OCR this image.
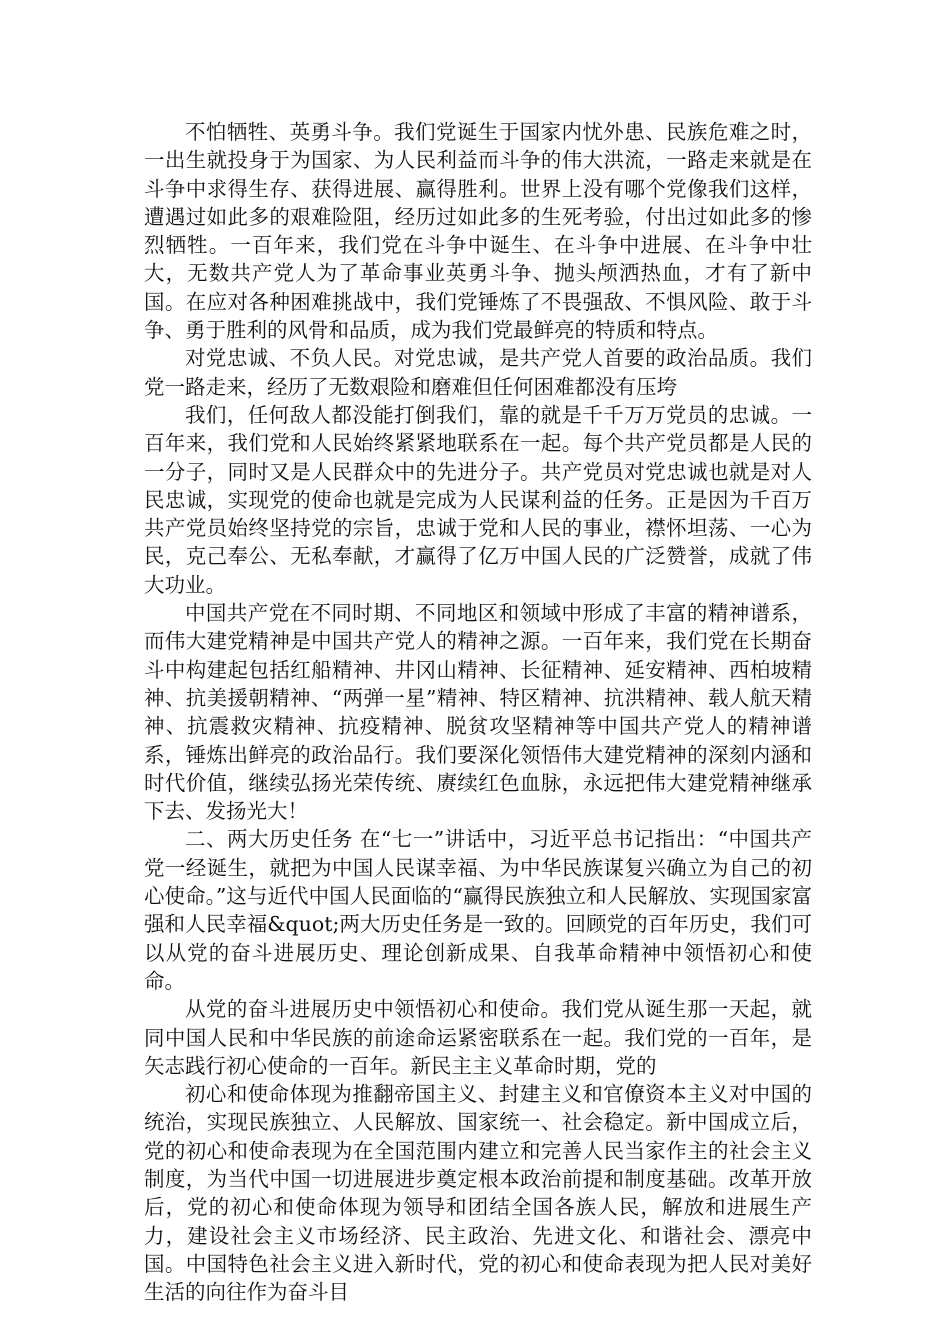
不怕牺牲、英勇斗争。我们党诞生于国家内忧外患、民族危难之时，一出生就投身于为国家、为人民利益而斗争的伟大洪流，一路走来就是在斗争中求得生存、获得进展、赢得胜利。世界上没有哪个党像我们这样，遭遇过如此多的艰难险阻，经历过如此多的生死考验，付出过如此多的惨烈牺牲。一百年来，我们党在斗争中诞生、在斗争中进展、在斗争中壮大，无数共产党人为了革命事业英勇斗争、抛头颅洒热血，才有了新中国。在应对各种困难挑战中，我们党锤炼了不畏强敌、不惧风险、敢于斗争、勇于胜利的风骨和品质，成为我们党最鲜亮的特质和特点。

对党忠诚、不负人民。对党忠诚，是共产党人首要的政治品质。我们党一路走来，经历了无数艰险和磨难但任何困难都没有压垮

我们，任何敌人都没能打倒我们，靠的就是千千万万党员的忠诚。一百年来，我们党和人民始终紧紧地联系在一起。每个共产党员都是人民的一分子，同时又是人民群众中的先进分子。共产党员对党忠诚也就是对人民忠诚，实现党的使命也就是完成为人民谋利益的任务。正是因为千百万共产党员始终坚持党的宗旨，忠诚于党和人民的事业，襟怀坦荡、一心为民，克己奉公、无私奉献，才赢得了亿万中国人民的广泛赞誉，成就了伟大功业。

中国共产党在不同时期、不同地区和领域中形成了丰富的精神谱系，而伟大建党精神是中国共产党人的精神之源。一百年来，我们党在长期奋斗中构建起包括红船精神、井冈山精神、长征精神、延安精神、西柏坡精神、抗美援朝精神、“两弹一星”精神、特区精神、抗洪精神、载人航天精神、抗震救灾精神、抗疫精神、脱贫攻坚精神等中国共产党人的精神谱系，锤炼出鲜亮的政治品行。我们要深化领悟伟大建党精神的深刻内涵和时代价值，继续弘扬光荣传统、赓续红色血脉，永远把伟大建党精神继承下去、发扬光大！

二、两大历史任务 在“七一”讲话中，习近平总书记指出：“中国共产党一经诞生，就把为中国人民谋幸福、为中华民族谋复兴确立为自己的初心使命。”这与近代中国人民面临的“赢得民族独立和人民解放、实现国家富强和人民幸福&quot;两大历史任务是一致的。回顾党的百年历史，我们可以从党的奋斗进展历史、理论创新成果、自我革命精神中领悟初心和使命。

从党的奋斗进展历史中领悟初心和使命。我们党从诞生那一天起，就同中国人民和中华民族的前途命运紧密联系在一起。我们党的一百年，是矢志践行初心使命的一百年。新民主主义革命时期，党的

初心和使命体现为推翻帝国主义、封建主义和官僚资本主义对中国的统治，实现民族独立、人民解放、国家统一、社会稳定。新中国成立后，党的初心和使命表现为在全国范围内建立和完善人民当家作主的社会主义制度，为当代中国一切进展进步奠定根本政治前提和制度基础。改革开放后，党的初心和使命体现为领导和团结全国各族人民，解放和进展生产力，建设社会主义市场经济、民主政治、先进文化、和谐社会、漂亮中国。中国特色社会主义进入新时代，党的初心和使命表现为把人民对美好生活的向往作为奋斗目
